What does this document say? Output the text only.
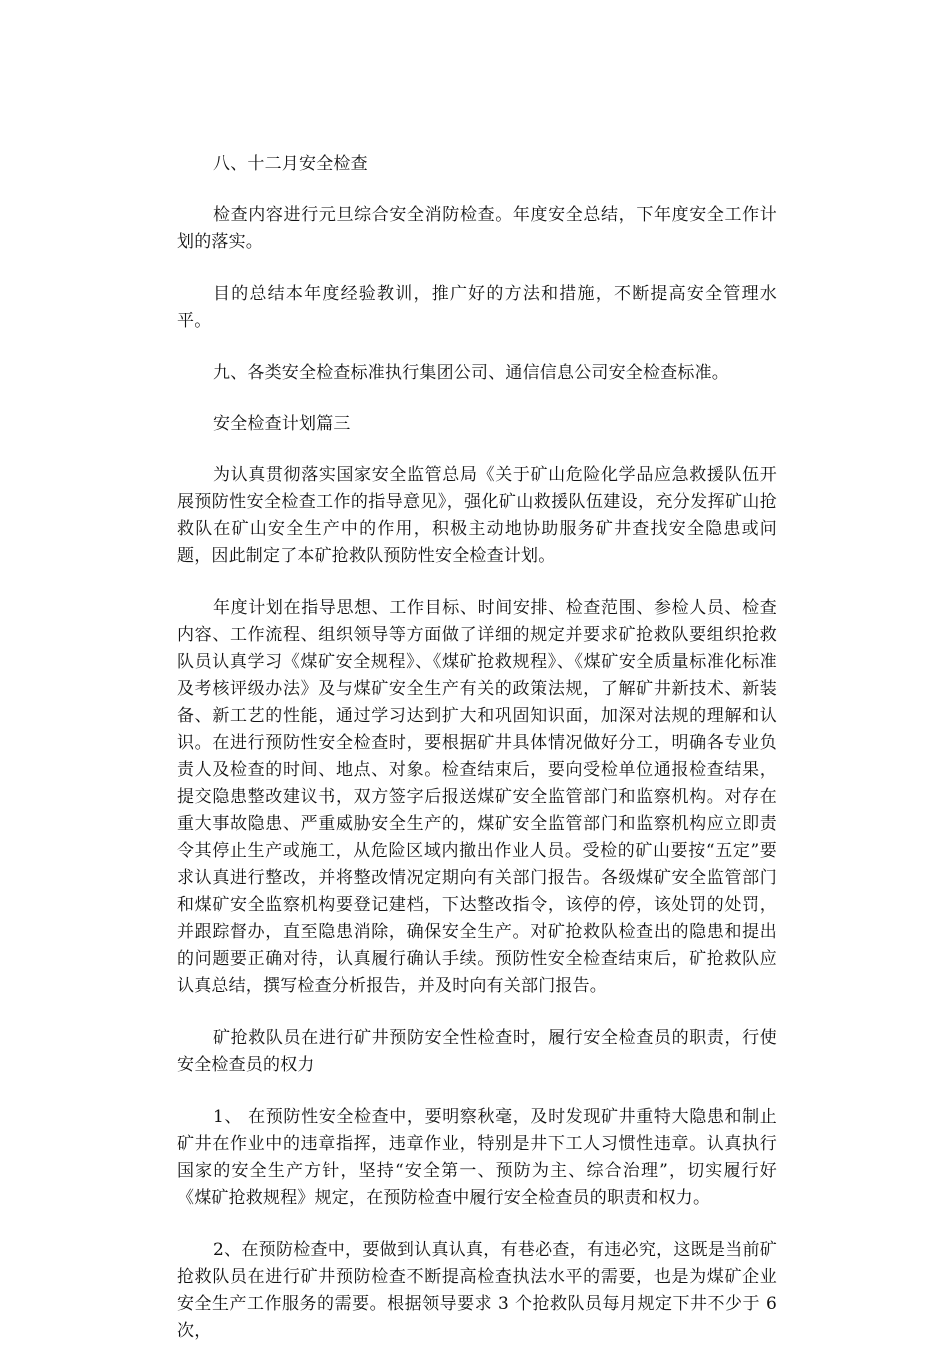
八、十二月安全检查

检查内容进行元旦综合安全消防检查。年度安全总结，下年度安全工作计划的落实。

目的总结本年度经验教训，推广好的方法和措施，不断提高安全管理水平。

九、各类安全检查标准执行集团公司、通信信息公司安全检查标准。

安全检查计划篇三

为认真贯彻落实国家安全监管总局《关于矿山危险化学品应急救援队伍开展预防性安全检查工作的指导意见》，强化矿山救援队伍建设，充分发挥矿山抢救队在矿山安全生产中的作用，积极主动地协助服务矿井查找安全隐患或问题，因此制定了本矿抢救队预防性安全检查计划。

年度计划在指导思想、工作目标、时间安排、检查范围、参检人员、检查内容、工作流程、组织领导等方面做了详细的规定并要求矿抢救队要组织抢救队员认真学习《煤矿安全规程》、《煤矿抢救规程》、《煤矿安全质量标准化标准及考核评级办法》及与煤矿安全生产有关的政策法规，了解矿井新技术、新装备、新工艺的性能，通过学习达到扩大和巩固知识面，加深对法规的理解和认识。在进行预防性安全检查时，要根据矿井具体情况做好分工，明确各专业负责人及检查的时间、地点、对象。检查结束后，要向受检单位通报检查结果，提交隐患整改建议书，双方签字后报送煤矿安全监管部门和监察机构。对存在重大事故隐患、严重威胁安全生产的，煤矿安全监管部门和监察机构应立即责令其停止生产或施工，从危险区域内撤出作业人员。受检的矿山要按“五定”要求认真进行整改，并将整改情况定期向有关部门报告。各级煤矿安全监管部门和煤矿安全监察机构要登记建档，下达整改指令，该停的停，该处罚的处罚，并跟踪督办，直至隐患消除，确保安全生产。对矿抢救队检查出的隐患和提出的问题要正确对待，认真履行确认手续。预防性安全检查结束后，矿抢救队应认真总结，撰写检查分析报告，并及时向有关部门报告。

矿抢救队员在进行矿井预防安全性检查时，履行安全检查员的职责，行使安全检查员的权力

1、 在预防性安全检查中，要明察秋毫，及时发现矿井重特大隐患和制止矿井在作业中的违章指挥，违章作业，特别是井下工人习惯性违章。认真执行国家的安全生产方针，坚持“安全第一、预防为主、综合治理”，切实履行好《煤矿抢救规程》规定，在预防检查中履行安全检查员的职责和权力。

2、在预防检查中，要做到认真认真，有巷必查，有违必究，这既是当前矿抢救队员在进行矿井预防检查不断提高检查执法水平的需要，也是为煤矿企业安全生产工作服务的需要。根据领导要求 3 个抢救队员每月规定下井不少于 6 次，
